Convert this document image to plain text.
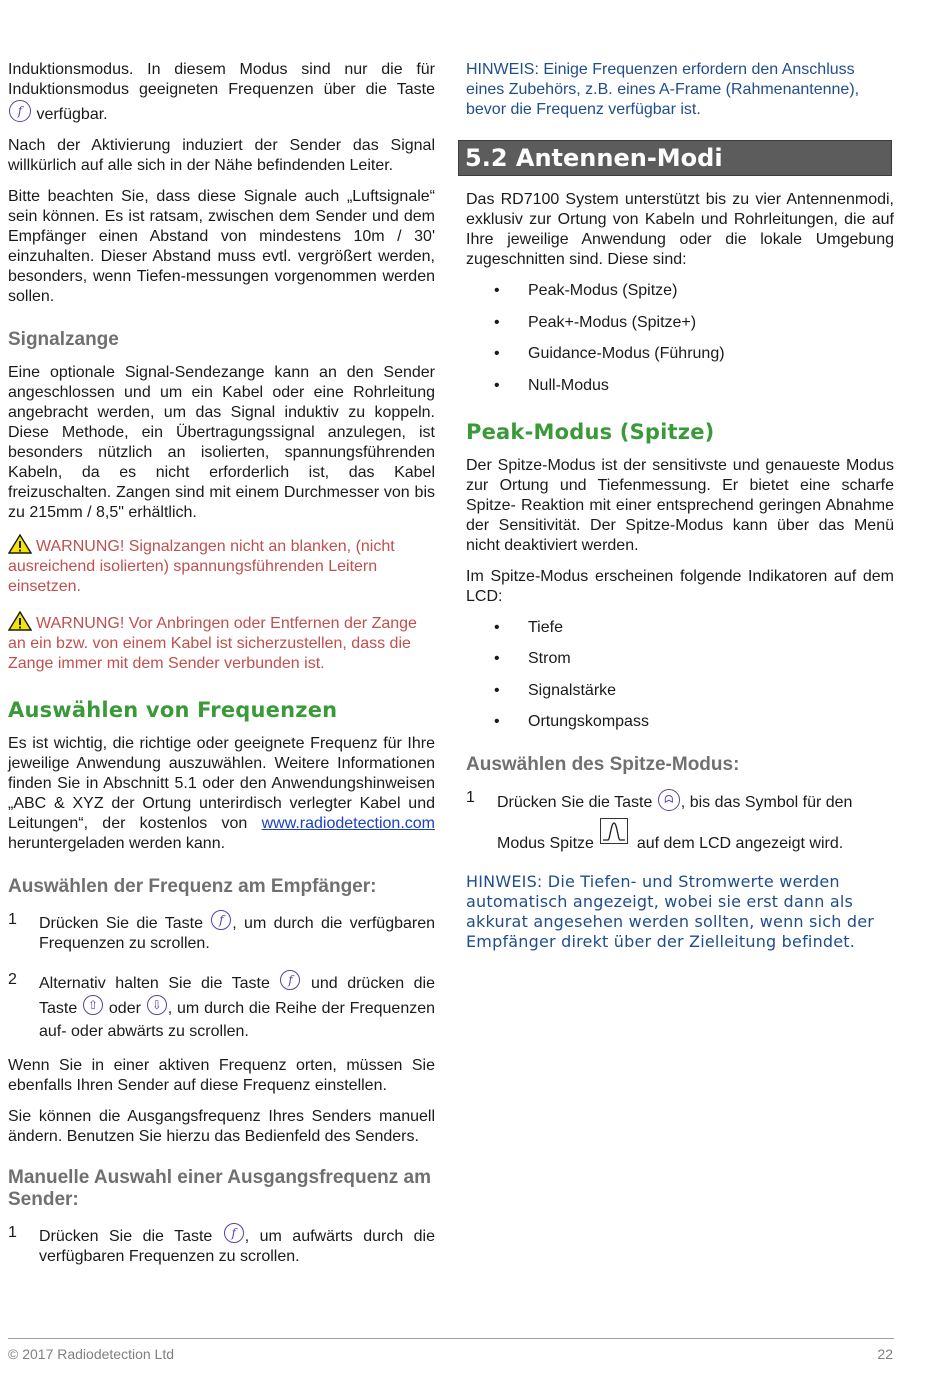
Induktionsmodus. In diesem Modus sind nur die für Induktionsmodus geeigneten Frequenzen über die Taste f verfügbar.

Nach der Aktivierung induziert der Sender das Signal willkürlich auf alle sich in der Nähe befindenden Leiter.

Bitte beachten Sie, dass diese Signale auch „Luftsignale“ sein können. Es ist ratsam, zwischen dem Sender und dem Empfänger einen Abstand von mindestens 10m / 30' einzuhalten. Dieser Abstand muss evtl. vergrößert werden, besonders, wenn Tiefen-messungen vorgenommen werden sollen.

Signalzange

Eine optionale Signal-Sendezange kann an den Sender angeschlossen und um ein Kabel oder eine Rohrleitung angebracht werden, um das Signal induktiv zu koppeln. Diese Methode, ein Übertragungssignal anzulegen, ist besonders nützlich an isolierten, spannungsführenden Kabeln, da es nicht erforderlich ist, das Kabel freizuschalten. Zangen sind mit einem Durchmesser von bis zu 215mm / 8,5" erhältlich.

WARNUNG! Signalzangen nicht an blanken, (nicht ausreichend isolierten) spannungsführenden Leitern einsetzen.

WARNUNG! Vor Anbringen oder Entfernen der Zange an ein bzw. von einem Kabel ist sicherzustellen, dass die Zange immer mit dem Sender verbunden ist.

Auswählen von Frequenzen

Es ist wichtig, die richtige oder geeignete Frequenz für Ihre jeweilige Anwendung auszuwählen. Weitere Informationen finden Sie in Abschnitt 5.1 oder den Anwendungshinweisen „ABC & XYZ der Ortung unterirdisch verlegter Kabel und Leitungen“, der kostenlos von www.radiodetection.com heruntergeladen werden kann.

Auswählen der Frequenz am Empfänger:
1	Drücken Sie die Taste f , um durch die verfügbaren Frequenzen zu scrollen.
2	Alternativ halten Sie die Taste f und drücken die Taste ⇧ oder ⇩ , um durch die Reihe der Frequenzen auf- oder abwärts zu scrollen.

Wenn Sie in einer aktiven Frequenz orten, müssen Sie ebenfalls Ihren Sender auf diese Frequenz einstellen.

Sie können die Ausgangsfrequenz Ihres Senders manuell ändern. Benutzen Sie hierzu das Bedienfeld des Senders.

Manuelle Auswahl einer Ausgangsfrequenz am Sender:
1	Drücken Sie die Taste f , um aufwärts durch die verfügbaren Frequenzen zu scrollen.

HINWEIS: Einige Frequenzen erfordern den Anschluss eines Zubehörs, z.B. eines A-Frame (Rahmenantenne), bevor die Frequenz verfügbar ist.

5.2 Antennen-Modi

Das RD7100 System unterstützt bis zu vier Antennenmodi, exklusiv zur Ortung von Kabeln und Rohrleitungen, die auf Ihre jeweilige Anwendung oder die lokale Umgebung zugeschnitten sind. Diese sind:

• Peak-Modus (Spitze)
• Peak+-Modus (Spitze+)
• Guidance-Modus (Führung)
• Null-Modus
Peak-Modus (Spitze)

Der Spitze-Modus ist der sensitivste und genaueste Modus zur Ortung und Tiefenmessung. Er bietet eine scharfe Spitze- Reaktion mit einer entsprechend geringen Abnahme der Sensitivität. Der Spitze-Modus kann über das Menü nicht deaktiviert werden.

Im Spitze-Modus erscheinen folgende Indikatoren auf dem LCD:

• Tiefe
• Strom
• Signalstärke
• Ortungskompass
Auswählen des Spitze-Modus:
1	Drücken Sie die Taste ᗣ , bis das Symbol für den Modus Spitze	auf dem LCD angezeigt wird.

HINWEIS: Die Tiefen- und Stromwerte werden automatisch angezeigt, wobei sie erst dann als akkurat angesehen werden sollten, wenn sich der Empfänger direkt über der Zielleitung befindet.

© 2017 Radiodetection Ltd	22
